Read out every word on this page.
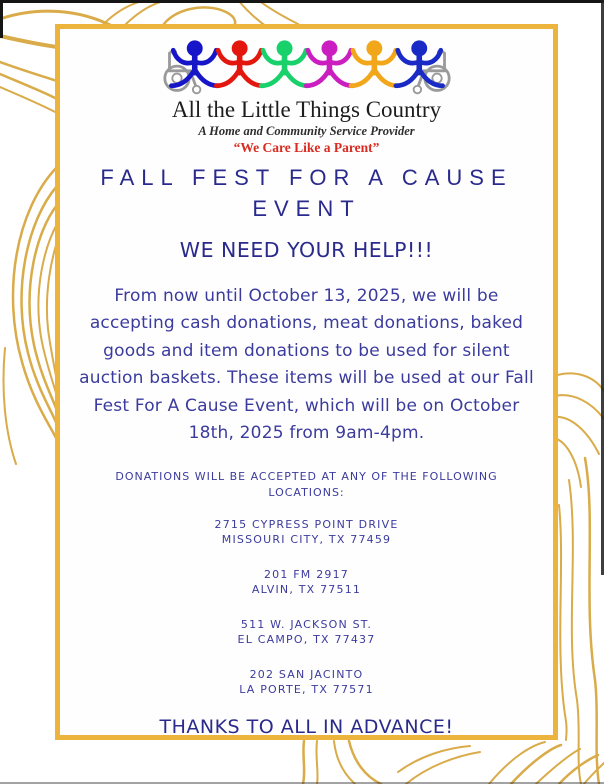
All the Little Things Country
A Home and Community Service Provider
“We Care Like a Parent”
FALL FEST FOR A CAUSE
EVENT
WE NEED YOUR HELP!!!
From now until October 13, 2025, we will be
accepting cash donations, meat donations, baked
goods and item donations to be used for silent
auction baskets. These items will be used at our Fall
Fest For A Cause Event, which will be on October
18th, 2025 from 9am-4pm.
DONATIONS WILL BE ACCEPTED AT ANY OF THE FOLLOWING
LOCATIONS:
2715 CYPRESS POINT DRIVE
MISSOURI CITY, TX 77459
201 FM 2917
ALVIN, TX 77511
511 W. JACKSON ST.
EL CAMPO, TX 77437
202 SAN JACINTO
LA PORTE, TX 77571
THANKS TO ALL IN ADVANCE!
